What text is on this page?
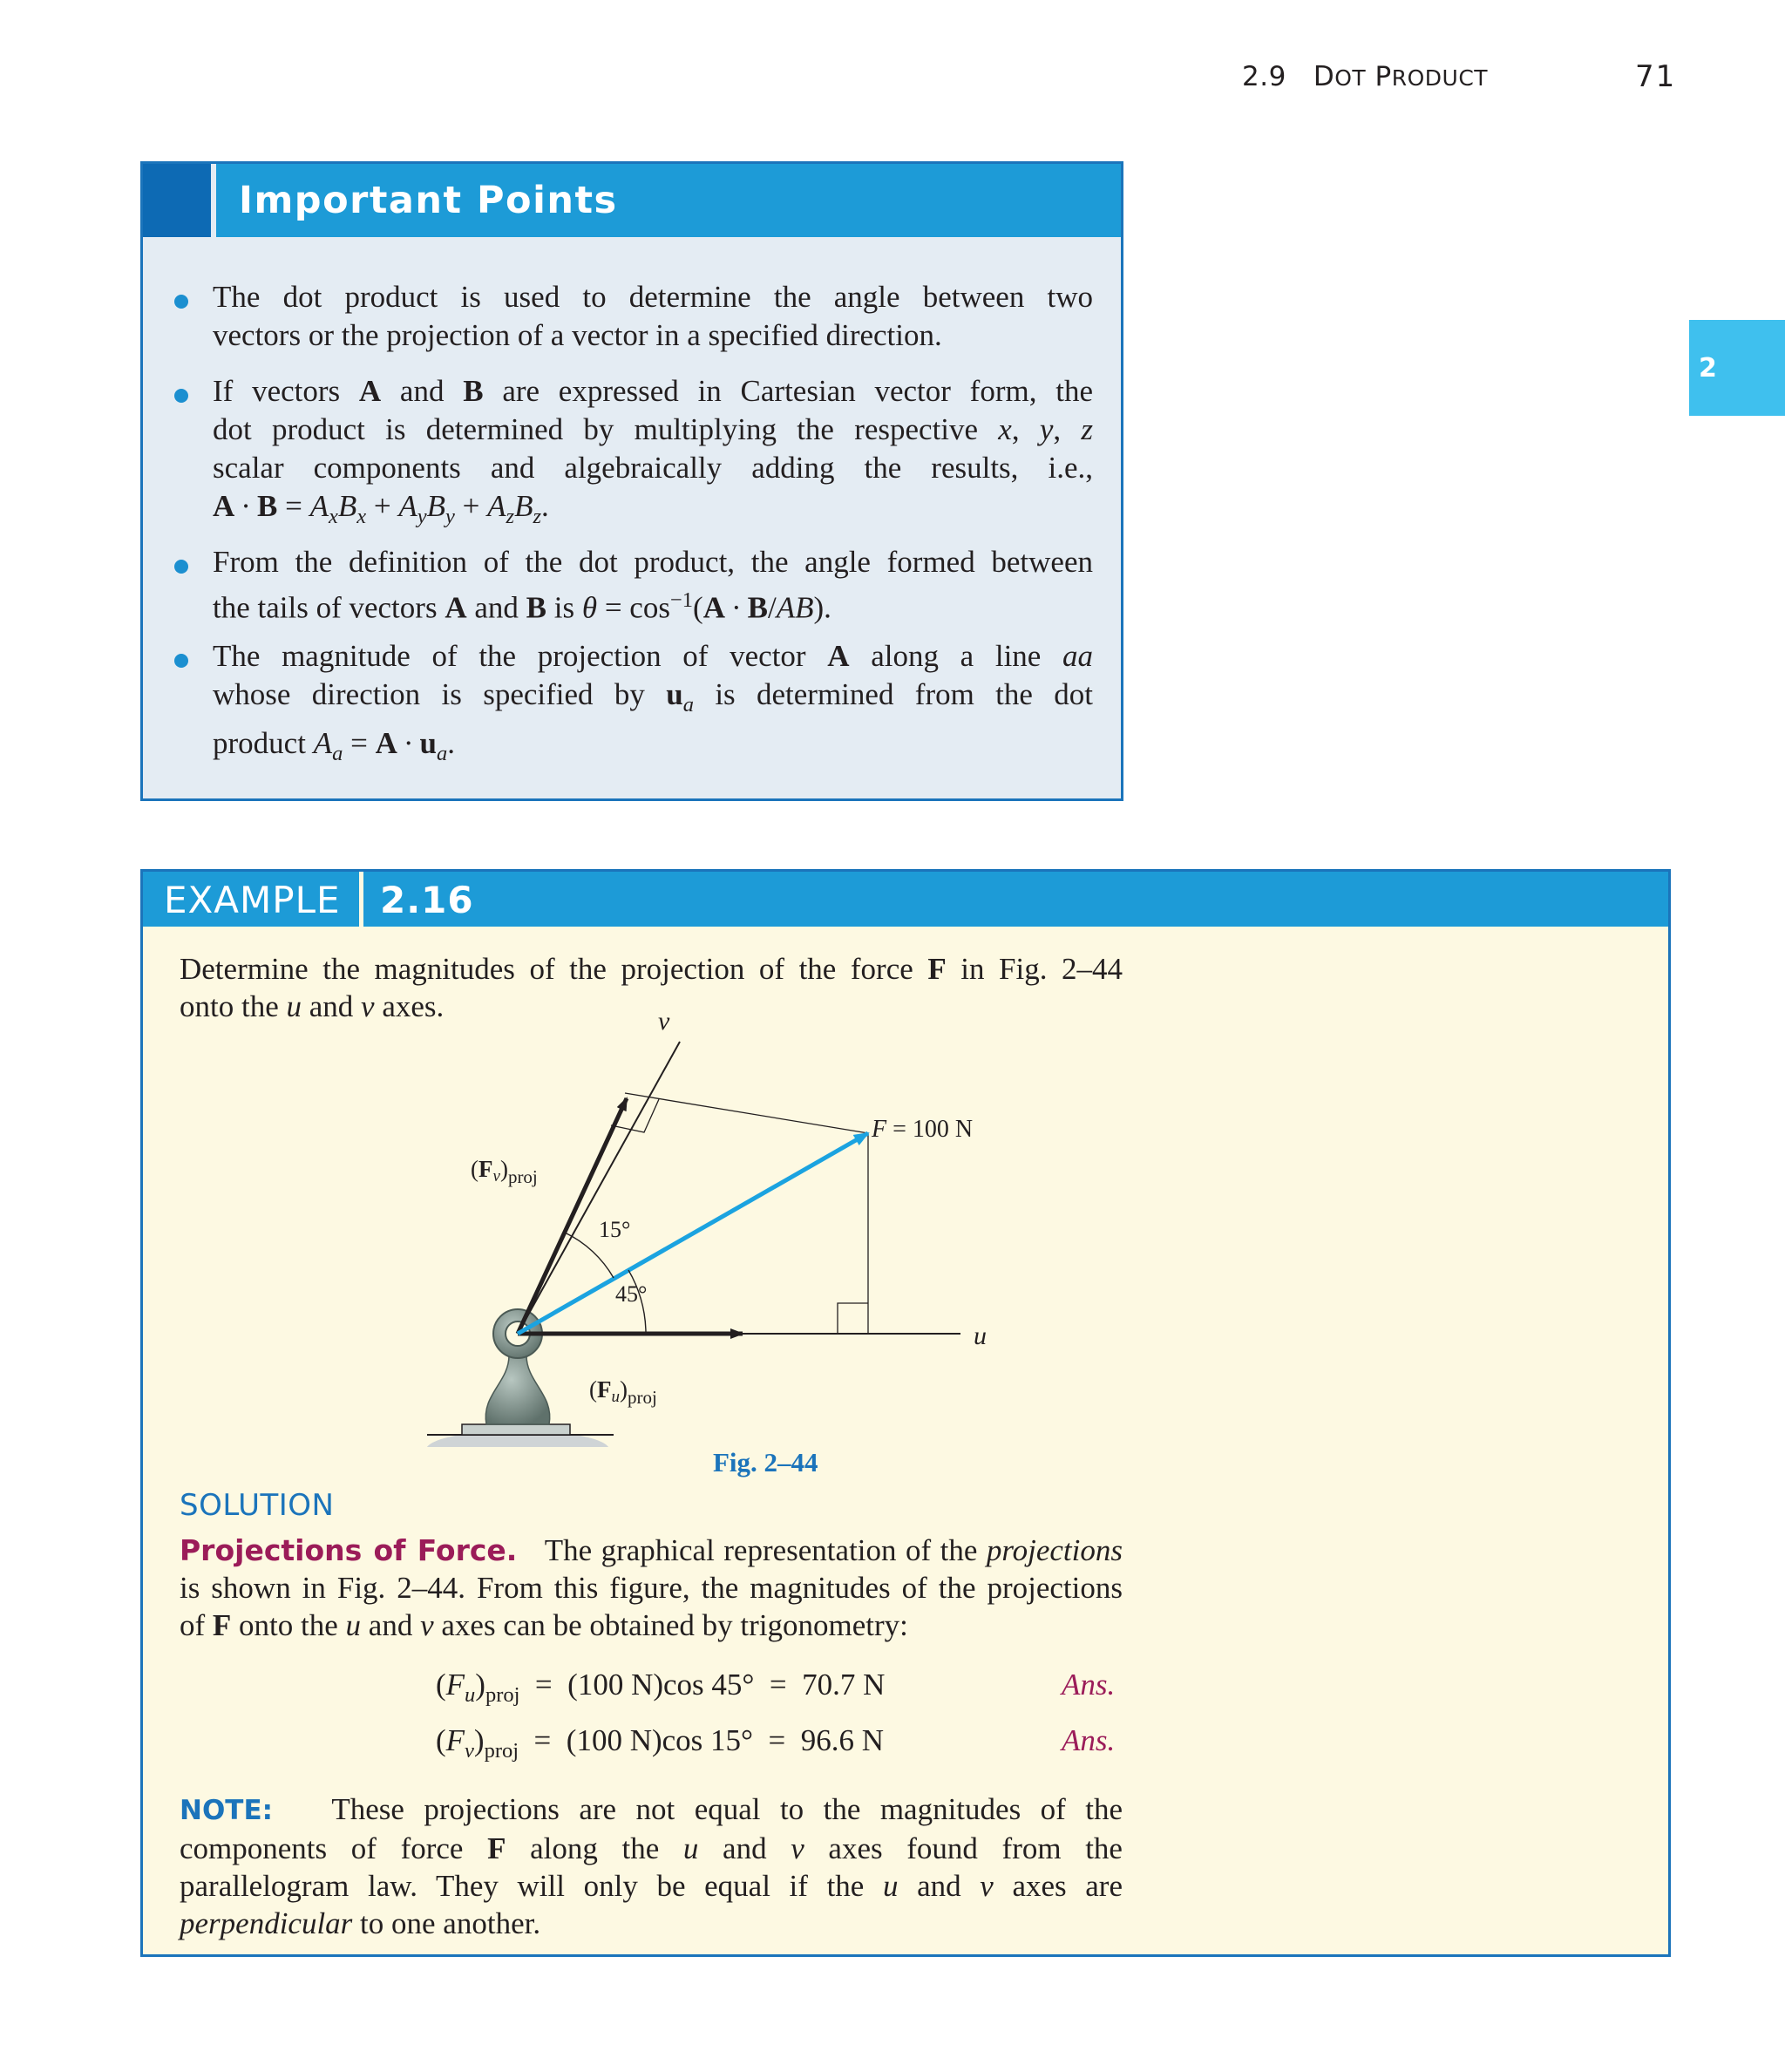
2.9   DOT PRODUCT	71
2
Important Points
The dot product is used to determine the angle between two
vectors or the projection of a vector in a specified direction.
If vectors A and B are expressed in Cartesian vector form, the
dot product is determined by multiplying the respective x, y, z
scalar components and algebraically adding the results, i.e.,
$A \cdot B = A_xB_x + A_yB_y + A_zB_z$.
From the definition of the dot product, the angle formed between
the tails of vectors A and B is $\theta = \cos^{-1}(A \cdot B/AB)$.
The magnitude of the projection of vector A along a line aa
whose direction is specified by $u_a$ is determined from the dot
product $A_a = A \cdot u_a$.
EXAMPLE 2.16
Determine the magnitudes of the projection of the force F in Fig. 2–44
onto the u and v axes.	v
u
F = 100 N
15°
45°
$(Fv)_{proj}$
$(Fu)_{proj}$
Fig. 2–44
SOLUTION
Projections of Force.   The graphical representation of the projections
is shown in Fig. 2–44. From this figure, the magnitudes of the projections
of F onto the u and v axes can be obtained by trigonometry:
$(F_u)_{proj} = (100$ N)cos 45°  =  70.7 N	Ans.
$(F_v)_{proj} = (100$ N)cos 15°  =  96.6 N	Ans.
NOTE:   These projections are not equal to the magnitudes of the
components of force F along the u and v axes found from the
parallelogram law. They will only be equal if the u and v axes are
perpendicular to one another.
